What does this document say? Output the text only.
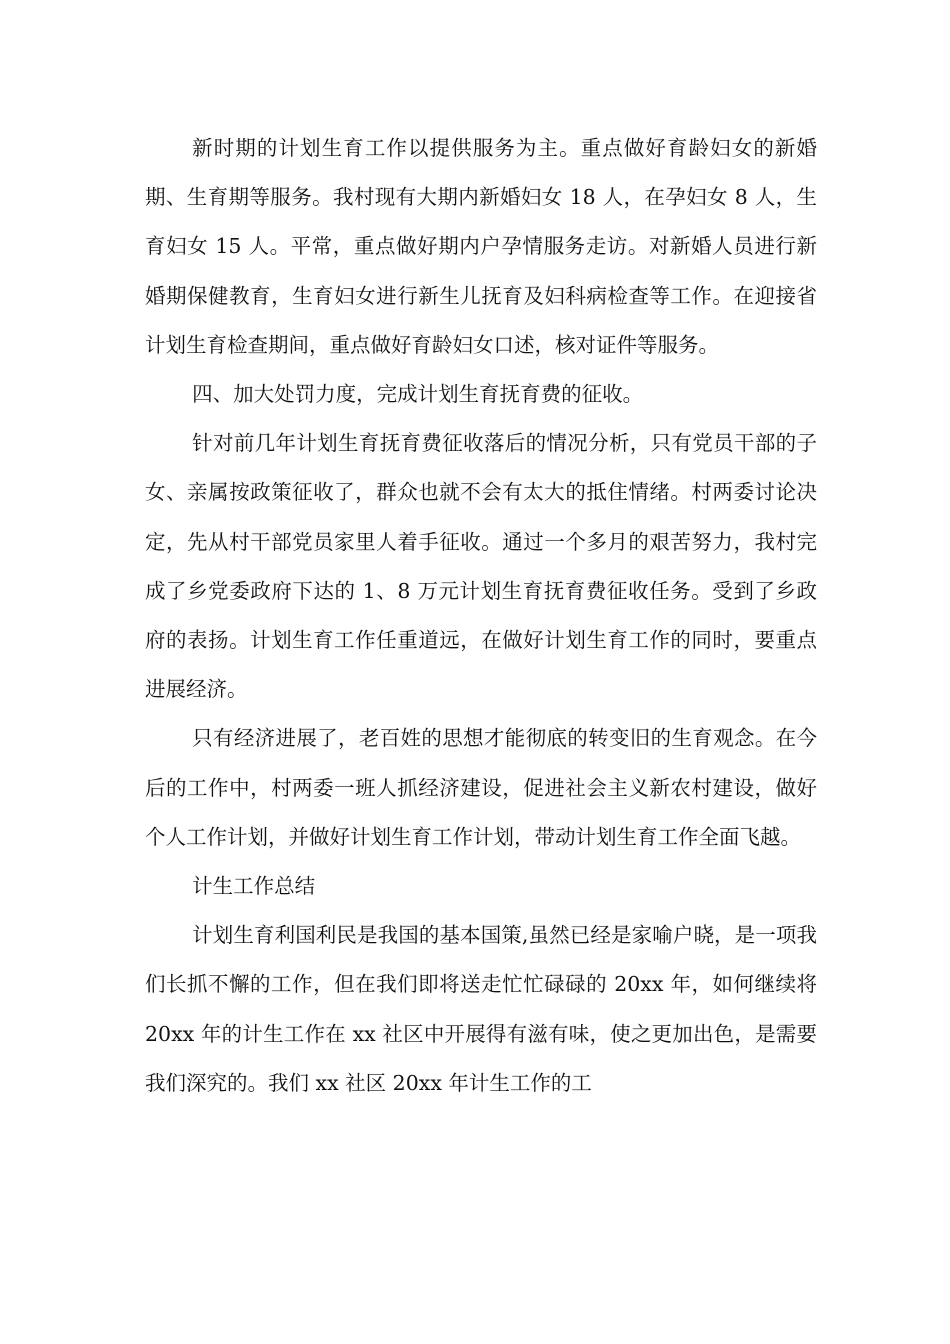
新时期的计划生育工作以提供服务为主。重点做好育龄妇女的新婚期、生育期等服务。我村现有大期内新婚妇女 18 人，在孕妇女 8 人，生育妇女 15 人。平常，重点做好期内户孕情服务走访。对新婚人员进行新婚期保健教育，生育妇女进行新生儿抚育及妇科病检查等工作。在迎接省计划生育检查期间，重点做好育龄妇女口述，核对证件等服务。

四、加大处罚力度，完成计划生育抚育费的征收。

针对前几年计划生育抚育费征收落后的情况分析，只有党员干部的子女、亲属按政策征收了，群众也就不会有太大的抵住情绪。村两委讨论决定，先从村干部党员家里人着手征收。通过一个多月的艰苦努力，我村完成了乡党委政府下达的 1、8 万元计划生育抚育费征收任务。受到了乡政府的表扬。计划生育工作任重道远，在做好计划生育工作的同时，要重点进展经济。

只有经济进展了，老百姓的思想才能彻底的转变旧的生育观念。在今后的工作中，村两委一班人抓经济建设，促进社会主义新农村建设，做好个人工作计划，并做好计划生育工作计划，带动计划生育工作全面飞越。

计生工作总结

计划生育利国利民是我国的基本国策,虽然已经是家喻户晓，是一项我们长抓不懈的工作，但在我们即将送走忙忙碌碌的 20xx 年，如何继续将 20xx 年的计生工作在 xx 社区中开展得有滋有味，使之更加出色，是需要我们深究的。我们 xx 社区 20xx 年计生工作的工
